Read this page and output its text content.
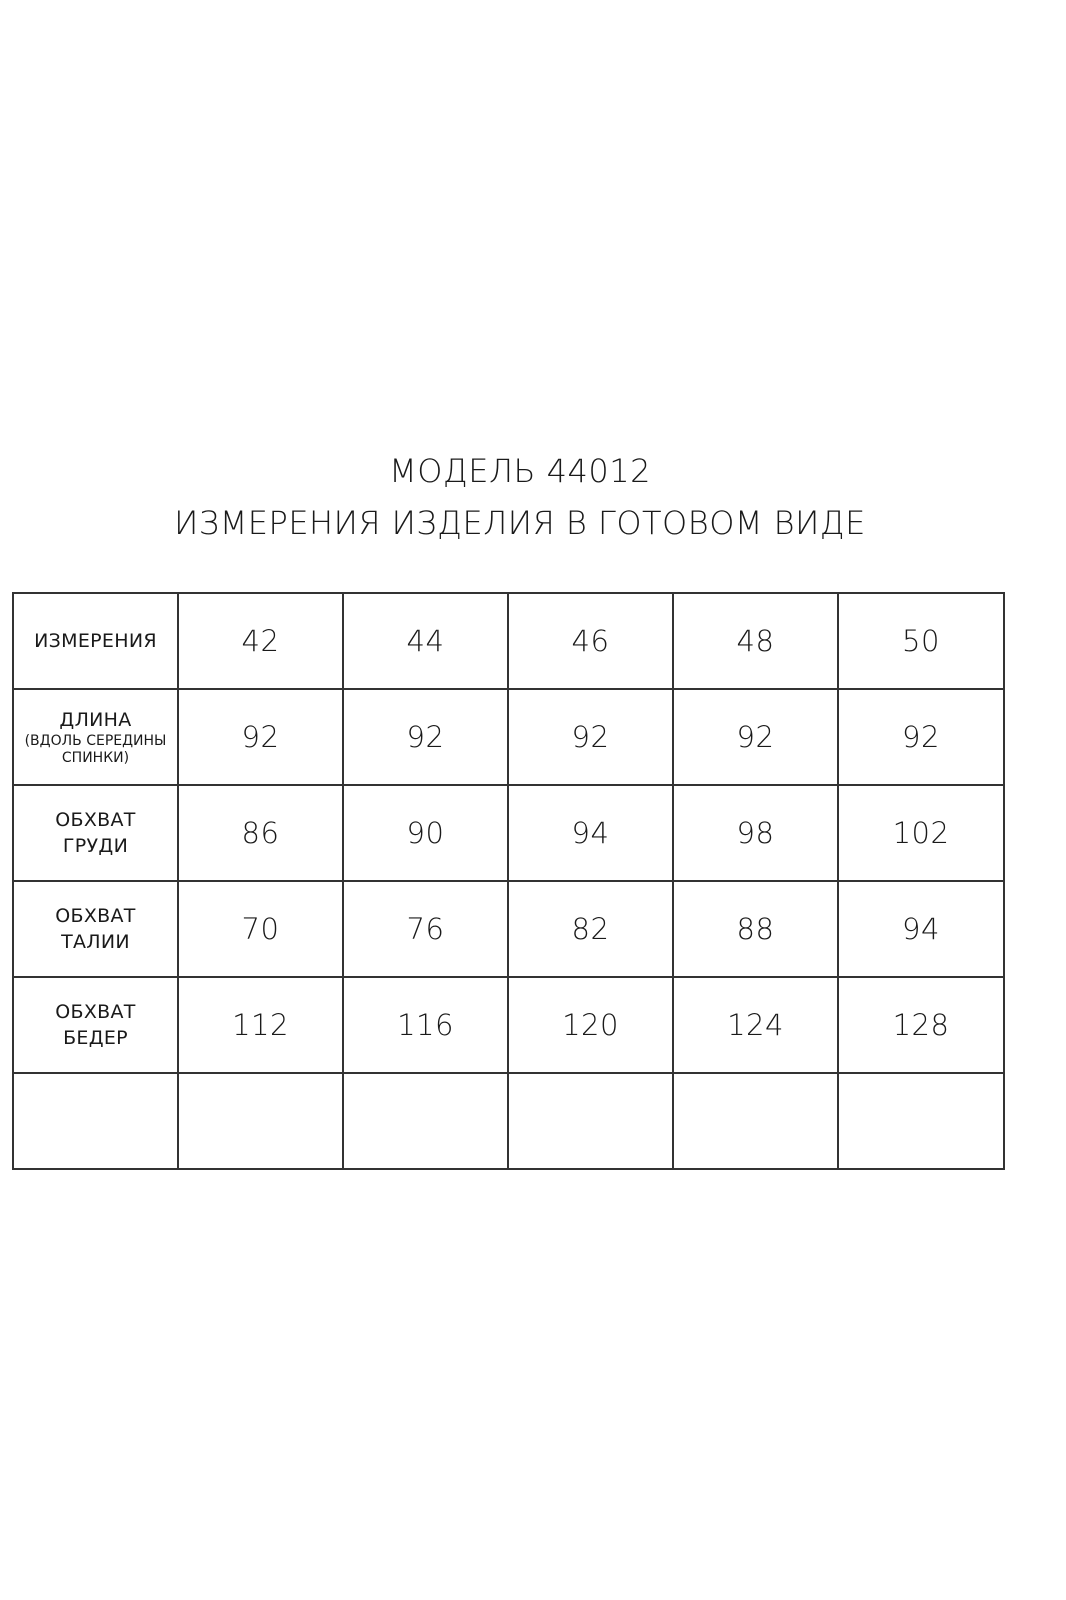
МОДЕЛЬ 44012
ИЗМЕРЕНИЯ ИЗДЕЛИЯ В ГОТОВОМ ВИДЕ
ИЗМЕРЕНИЯ	42	44	46	48	50

ДЛИНА
(ВДОЛЬ СЕРЕДИНЫ
СПИНКИ)	92	92	92	92	92

ОБХВАТ
ГРУДИ	86	90	94	98	102

ОБХВАТ
ТАЛИИ	70	76	82	88	94

ОБХВАТ
БЕДЕР	112	116	120	124	128
